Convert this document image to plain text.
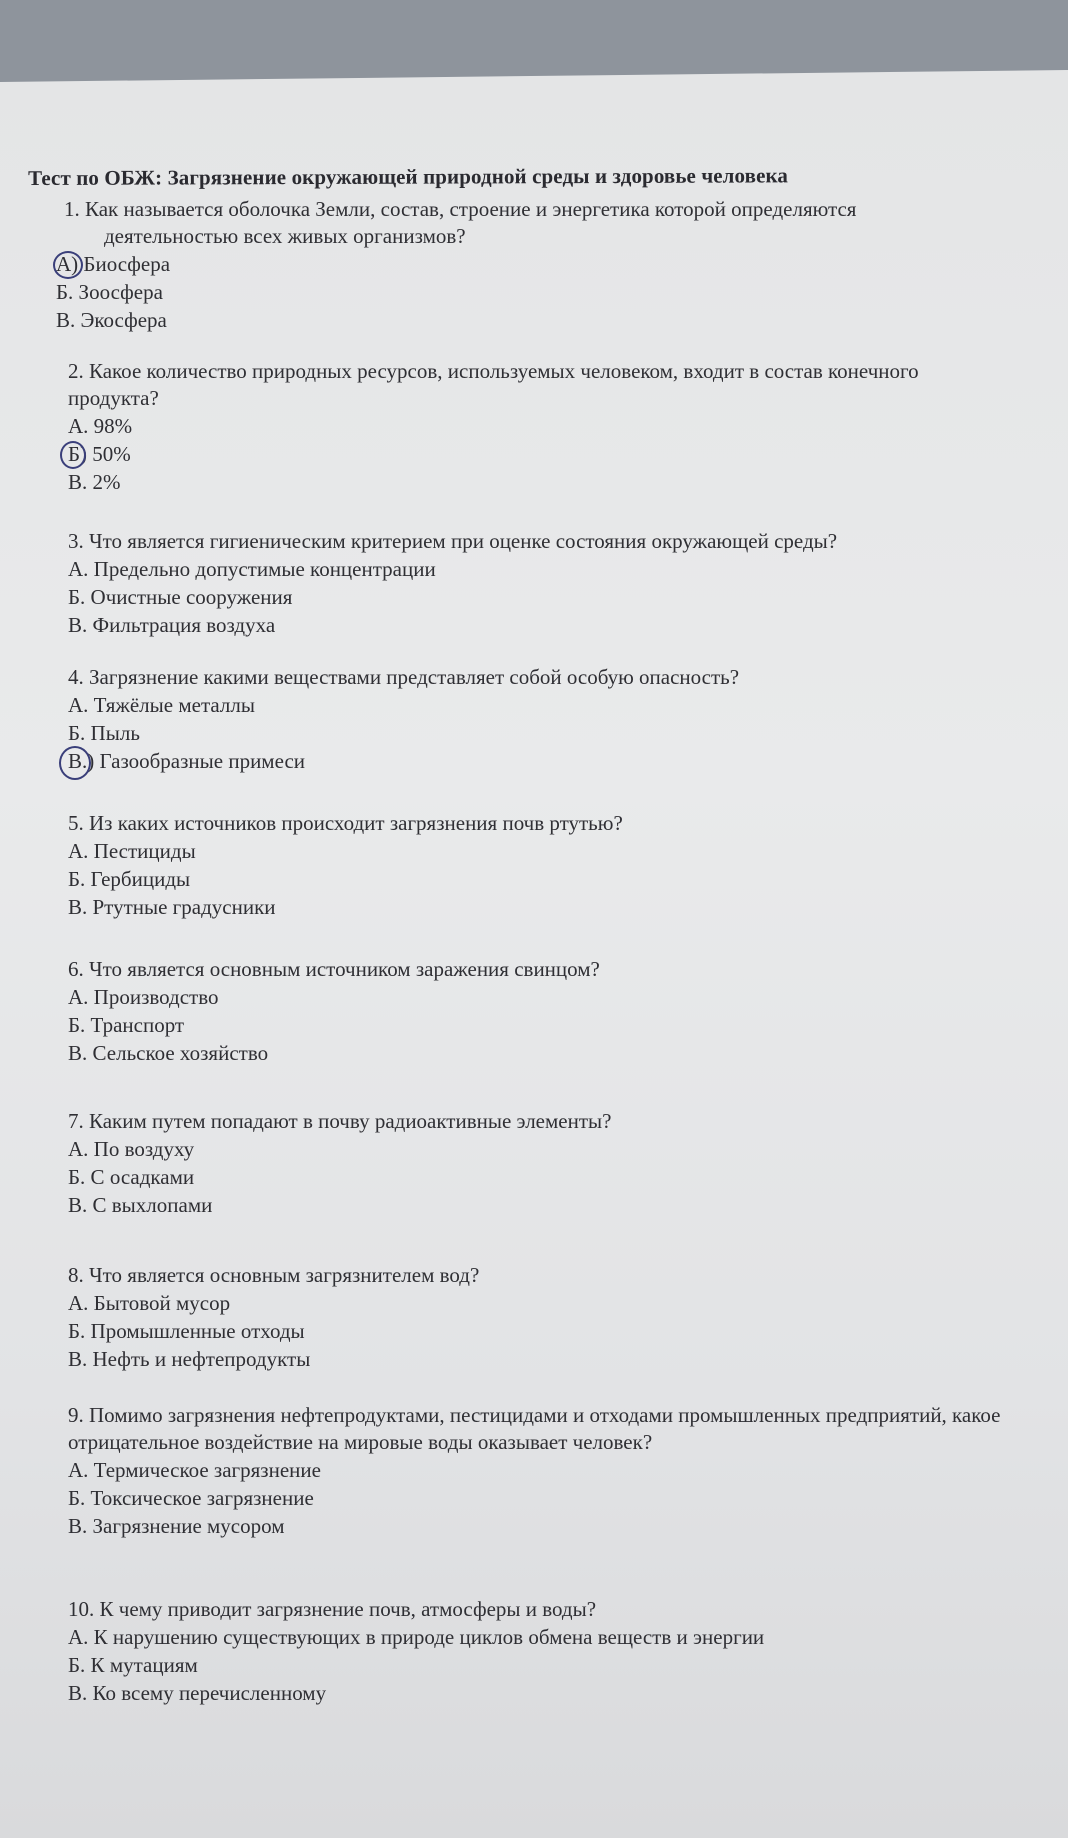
Тест по ОБЖ: Загрязнение окружающей природной среды и здоровье человека
1. Как называется оболочка Земли, состав, строение и энергетика которой определяются деятельностью всех живых организмов?
А) Биосфера
Б. Зоосфера
В. Экосфера
2. Какое количество природных ресурсов, используемых человеком, входит в состав конечного продукта?
А. 98%
Б) 50%
В. 2%
3. Что является гигиеническим критерием при оценке состояния окружающей среды?
А. Предельно допустимые концентрации
Б. Очистные сооружения
В. Фильтрация воздуха
4. Загрязнение какими веществами представляет собой особую опасность?
А. Тяжёлые металлы
Б. Пыль
В.) Газообразные примеси
5. Из каких источников происходит загрязнения почв ртутью?
А. Пестициды
Б. Гербициды
В. Ртутные градусники
6. Что является основным источником заражения свинцом?
А. Производство
Б. Транспорт
В. Сельское хозяйство
7. Каким путем попадают в почву радиоактивные элементы?
А. По воздуху
Б. С осадками
В. С выхлопами
8. Что является основным загрязнителем вод?
А. Бытовой мусор
Б. Промышленные отходы
В. Нефть и нефтепродукты
9. Помимо загрязнения нефтепродуктами, пестицидами и отходами промышленных предприятий, какое отрицательное воздействие на мировые воды оказывает человек?
А. Термическое загрязнение
Б. Токсическое загрязнение
В. Загрязнение мусором
10. К чему приводит загрязнение почв, атмосферы и воды?
А. К нарушению существующих в природе циклов обмена веществ и энергии
Б. К мутациям
В. Ко всему перечисленному
